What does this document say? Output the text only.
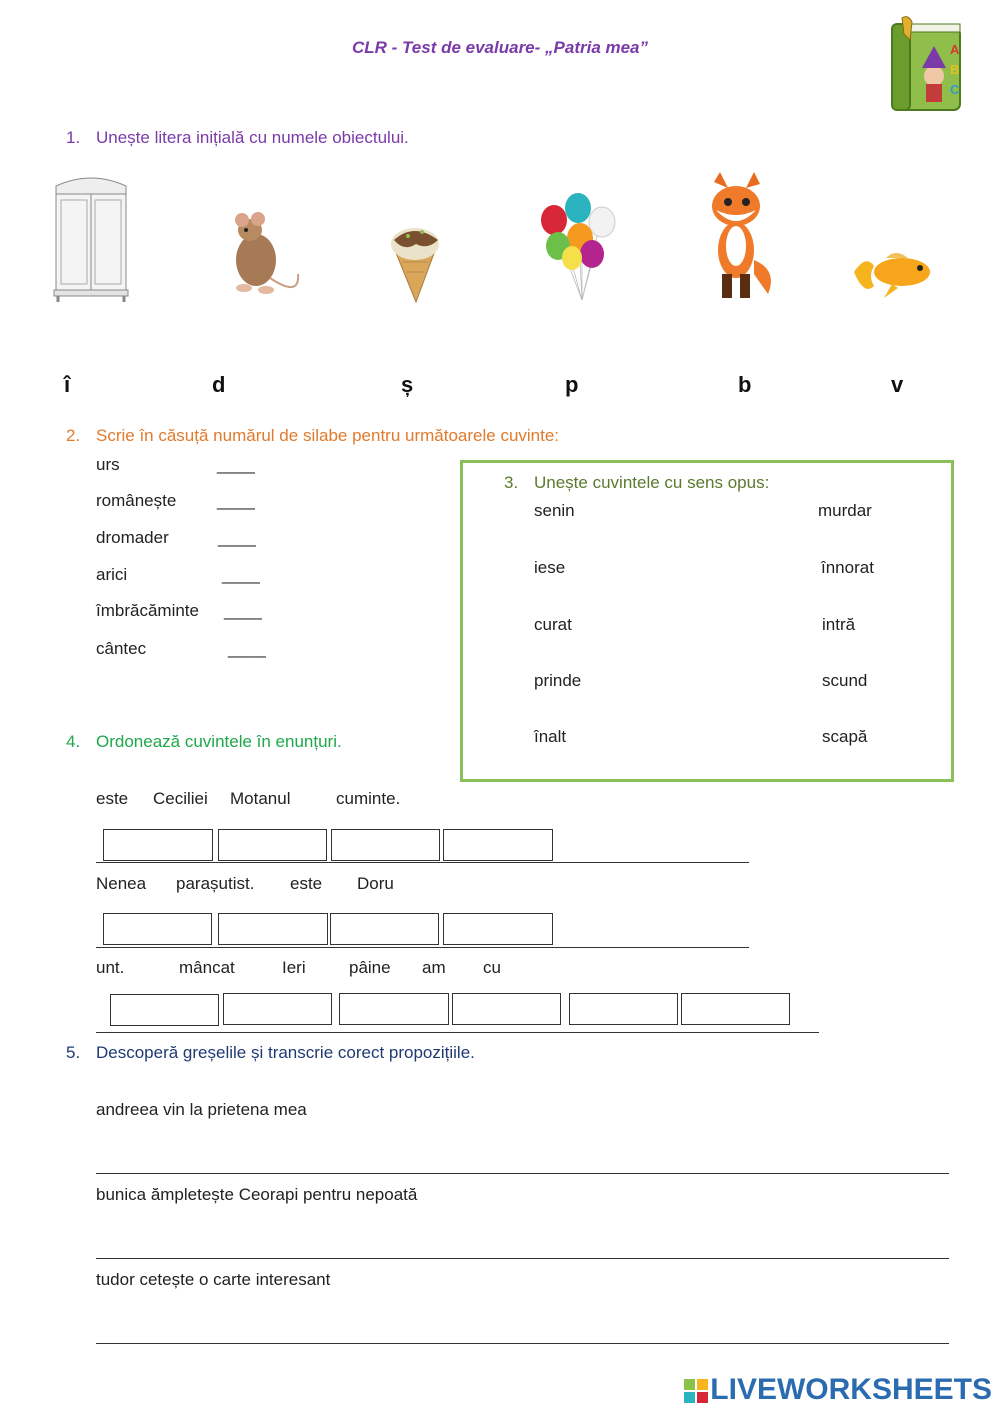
CLR - Test de evaluare- „Patria mea”	A
B
C
1. Unește litera inițială cu numele obiectului.
î	d	ș	p	b	v
2. Scrie în căsuță numărul de silabe pentru următoarele cuvinte:
urs	____
românește ____
dromader	____
arici	____
îmbrăcăminte ____
cântec	____
3. Unește cuvintele cu sens opus:
senin	murdar
iese	înnorat
curat	intră
prinde	scund
înalt	scapă
4. Ordonează cuvintele în enunțuri.
este Ceciliei Motanul	cuminte.
Nenea parașutist. este Doru
unt.	mâncat	Ieri	pâine am cu
5. Descoperă greșelile și transcrie corect propozițiile.
andreea vin la prietena mea
bunica ămpletește Ceorapi pentru nepoată
tudor cetește o carte interesant
LIVEWORKSHEETS
